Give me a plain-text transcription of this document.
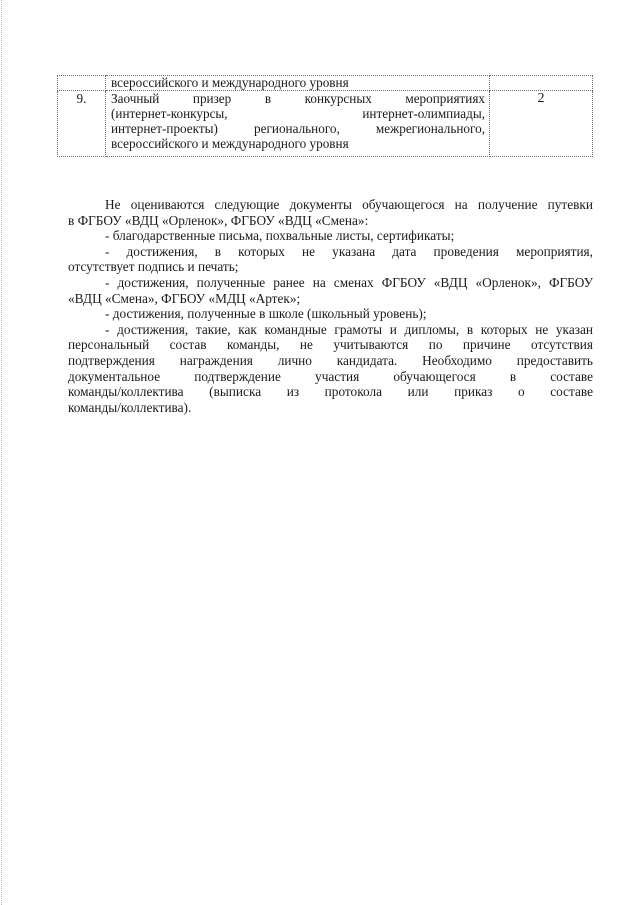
	всероссийского и международного уровня	

9.	Заочный призер в конкурсных мероприятиях
(интернет-конкурсы, интернет-олимпиады,
интернет-проекты) регионального, межрегионального,
всероссийского и международного уровня	2
Не оцениваются следующие документы обучающегося на получение путевки
в ФГБОУ «ВДЦ «Орленок», ФГБОУ «ВДЦ «Смена»:
- благодарственные письма, похвальные листы, сертификаты;
- достижения, в которых не указана дата проведения мероприятия,
отсутствует подпись и печать;
- достижения, полученные ранее на сменах ФГБОУ «ВДЦ «Орленок», ФГБОУ
«ВДЦ «Смена», ФГБОУ «МДЦ «Артек»;
- достижения, полученные в школе (школьный уровень);
- достижения, такие, как командные грамоты и дипломы, в которых не указан
персональный состав команды, не учитываются по причине отсутствия
подтверждения награждения лично кандидата. Необходимо предоставить
документальное подтверждение участия обучающегося в составе
команды/коллектива (выписка из протокола или приказ о составе
команды/коллектива).
